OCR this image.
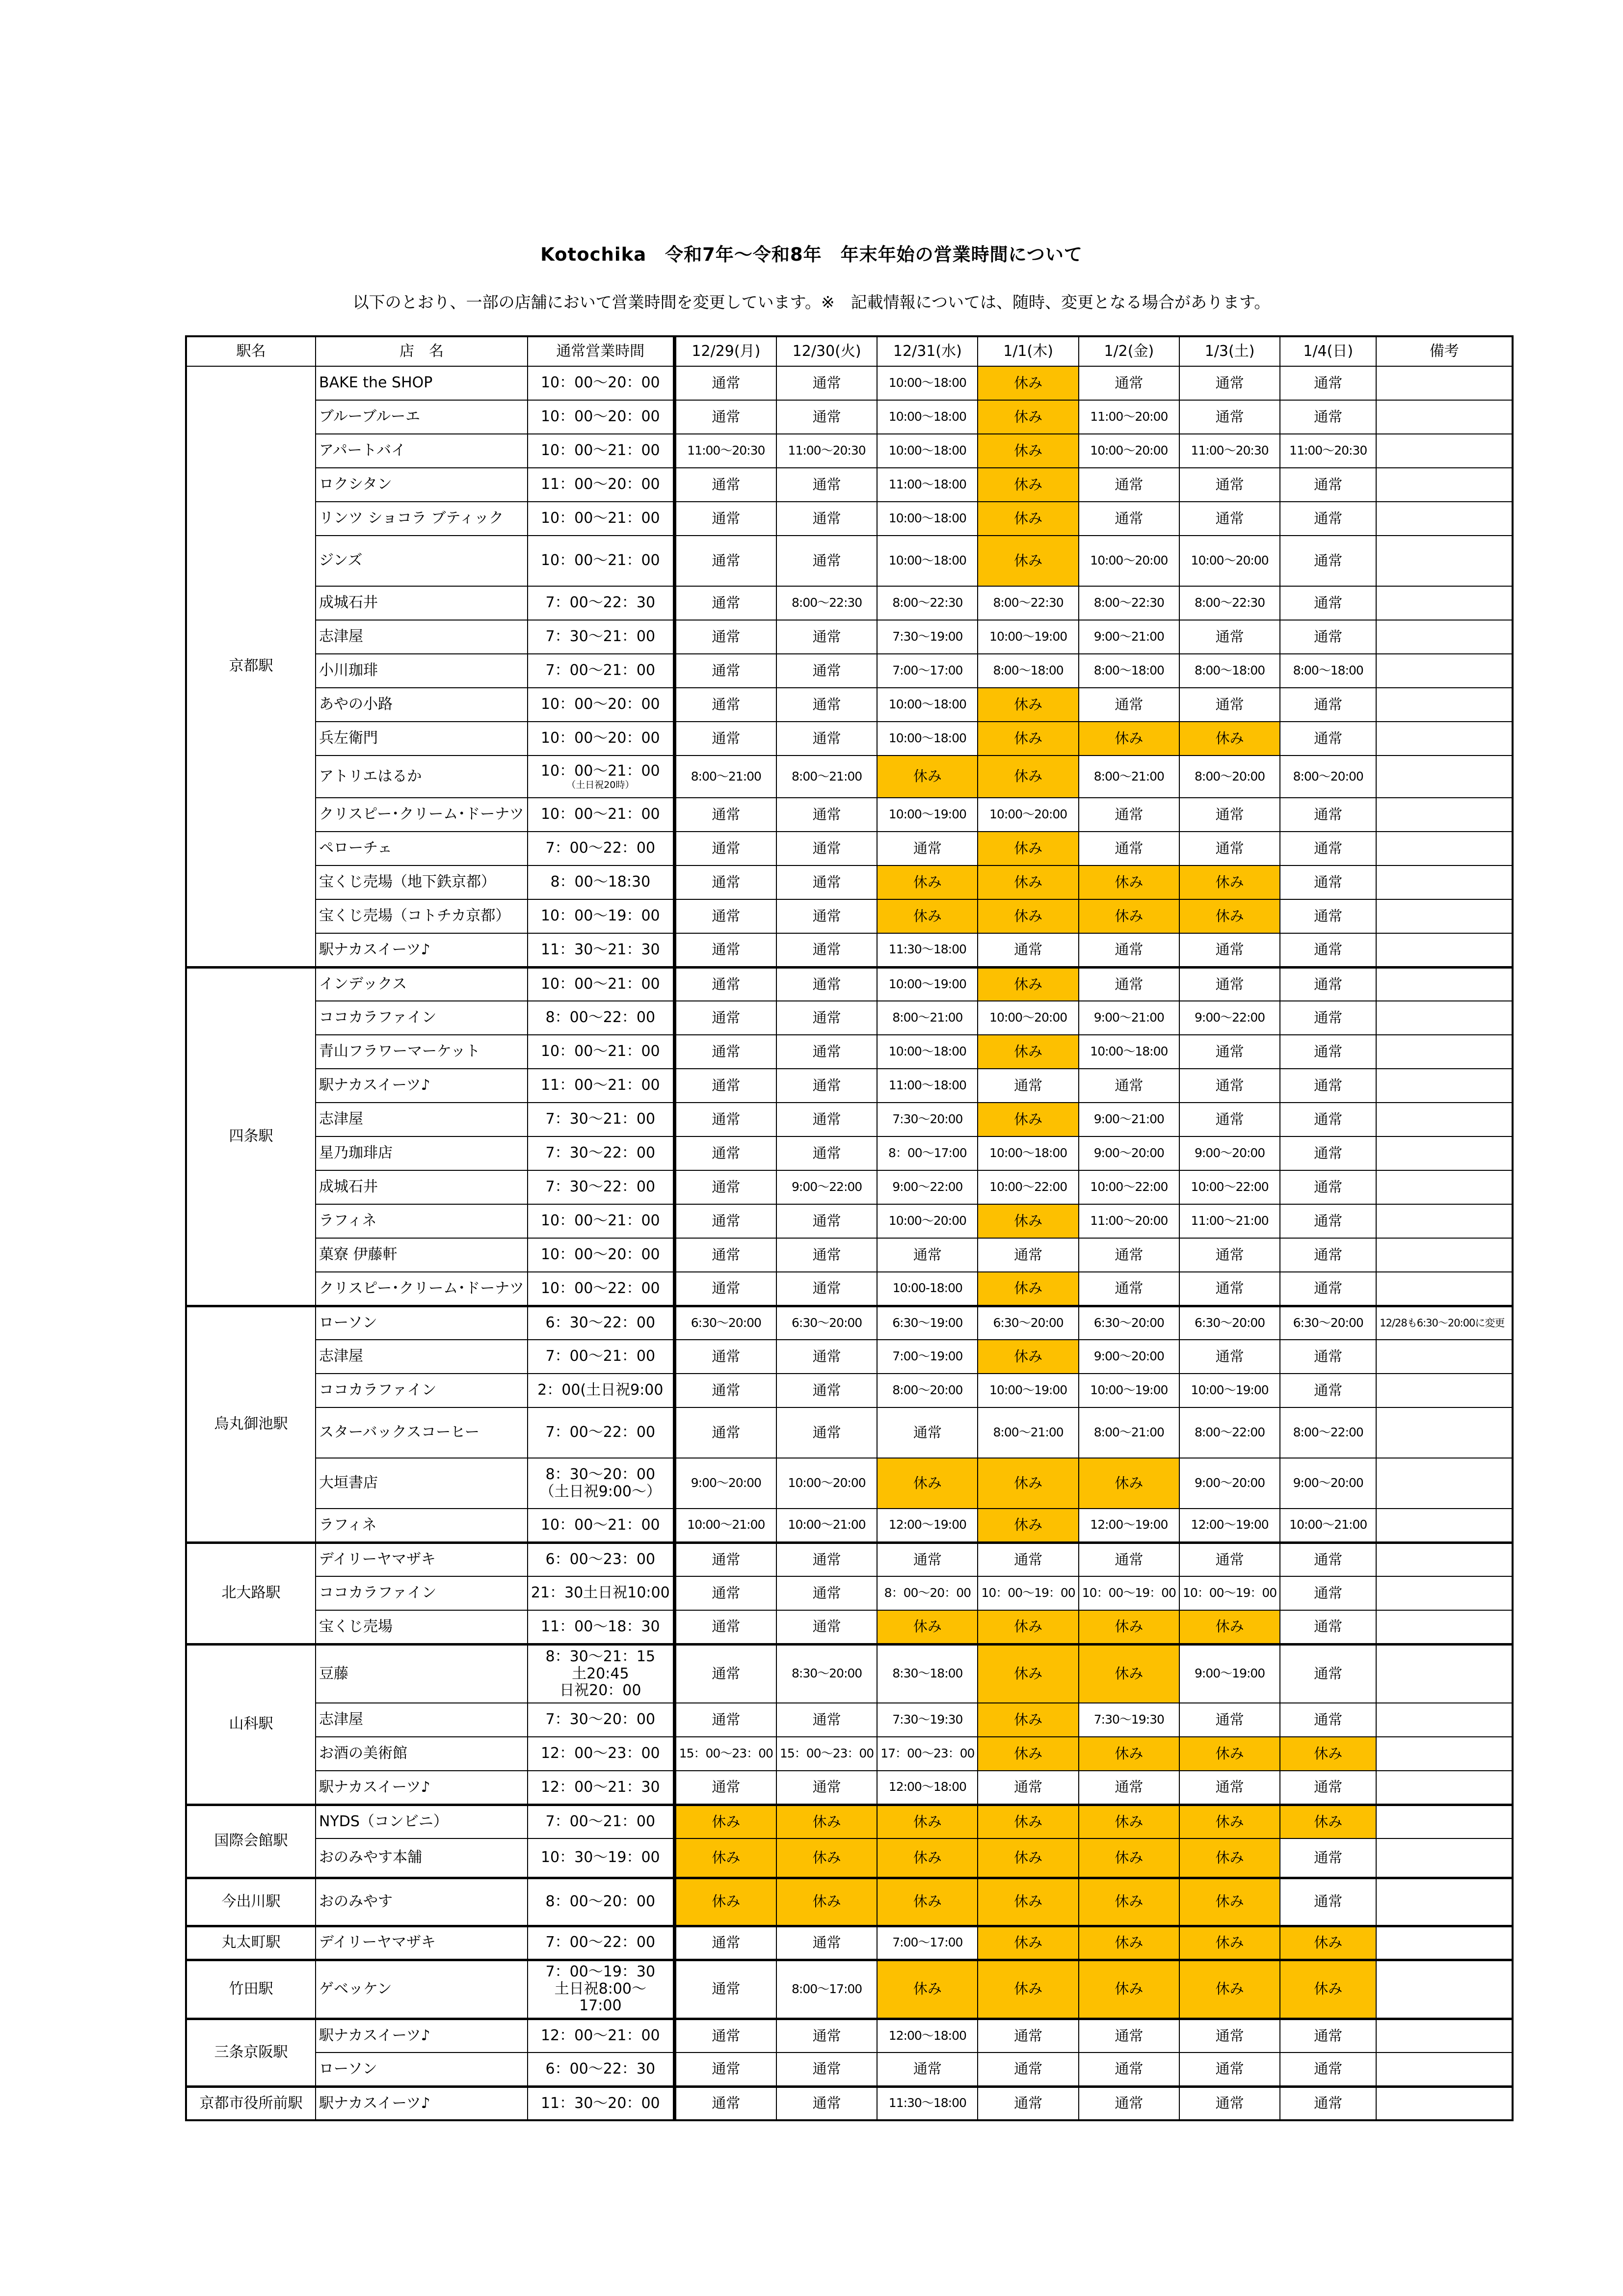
Kotochika　令和7年～令和8年　年末年始の営業時間について
以下のとおり、一部の店舗において営業時間を変更しています。※　記載情報については、随時、変更となる場合があります。
駅名	店　名	通常営業時間	12/29(月)	12/30(火)	12/31(水)	1/1(木)	1/2(金)	1/3(土)	1/4(日)	備考
京都駅	BAKE the SHOP	10：00～20：00	通常	通常	10:00～18:00	休み	通常	通常	通常	
	ブルーブルーエ	10：00～20：00	通常	通常	10:00～18:00	休み	11:00～20:00	通常	通常	
	アパートバイ	10：00～21：00	11:00～20:30	11:00～20:30	10:00～18:00	休み	10:00～20:00	11:00～20:30	11:00～20:30	
	ロクシタン	11：00～20：00	通常	通常	11:00～18:00	休み	通常	通常	通常	
	リンツ ショコラ ブティック	10：00～21：00	通常	通常	10:00～18:00	休み	通常	通常	通常	
	ジンズ	10：00～21：00	通常	通常	10:00～18:00	休み	10:00～20:00	10:00～20:00	通常	
	成城石井	7：00～22：30	通常	8:00～22:30	8:00～22:30	8:00～22:30	8:00～22:30	8:00～22:30	通常	
	志津屋	7：30～21：00	通常	通常	7:30～19:00	10:00～19:00	9:00～21:00	通常	通常	
	小川珈琲	7：00～21：00	通常	通常	7:00～17:00	8:00～18:00	8:00～18:00	8:00～18:00	8:00～18:00	
	あやの小路	10：00～20：00	通常	通常	10:00～18:00	休み	通常	通常	通常	
	兵左衛門	10：00～20：00	通常	通常	10:00～18:00	休み	休み	休み	通常	
	アトリエはるか	10：00～21：00
（土日祝20時）	8:00～21:00	8:00～21:00	休み	休み	8:00～21:00	8:00～20:00	8:00～20:00	
	クリスピー･クリーム･ドーナツ	10：00～21：00	通常	通常	10:00～19:00	10:00～20:00	通常	通常	通常	
	ペローチェ	7：00～22：00	通常	通常	通常	休み	通常	通常	通常	
	宝くじ売場（地下鉄京都）	8：00～18:30	通常	通常	休み	休み	休み	休み	通常	
	宝くじ売場（コトチカ京都）	10：00～19：00	通常	通常	休み	休み	休み	休み	通常	
	駅ナカスイーツ♪	11：30～21：30	通常	通常	11:30～18:00	通常	通常	通常	通常	
四条駅	インデックス	10：00～21：00	通常	通常	10:00～19:00	休み	通常	通常	通常	
	ココカラファイン	8：00～22：00	通常	通常	8:00～21:00	10:00～20:00	9:00～21:00	9:00～22:00	通常	
	青山フラワーマーケット	10：00～21：00	通常	通常	10:00～18:00	休み	10:00～18:00	通常	通常	
	駅ナカスイーツ♪	11：00～21：00	通常	通常	11:00～18:00	通常	通常	通常	通常	
	志津屋	7：30～21：00	通常	通常	7:30～20:00	休み	9:00～21:00	通常	通常	
	星乃珈琲店	7：30～22：00	通常	通常	8：00～17:00	10:00～18:00	9:00～20:00	9:00～20:00	通常	
	成城石井	7：30～22：00	通常	9:00～22:00	9:00～22:00	10:00～22:00	10:00～22:00	10:00～22:00	通常	
	ラフィネ	10：00～21：00	通常	通常	10:00～20:00	休み	11:00～20:00	11:00～21:00	通常	
	菓寮 伊藤軒	10：00～20：00	通常	通常	通常	通常	通常	通常	通常	
	クリスピー･クリーム･ドーナツ	10：00～22：00	通常	通常	10:00-18:00	休み	通常	通常	通常	
烏丸御池駅	ローソン	6：30～22：00	6:30～20:00	6:30～20:00	6:30～19:00	6:30～20:00	6:30～20:00	6:30～20:00	6:30～20:00	12/28も6:30～20:00に変更
	志津屋	7：00～21：00	通常	通常	7:00～19:00	休み	9:00～20:00	通常	通常	
	ココカラファイン	2：00(土日祝9:00	通常	通常	8:00～20:00	10:00～19:00	10:00～19:00	10:00～19:00	通常	
	スターバックスコーヒー	7：00～22：00	通常	通常	通常	8:00～21:00	8:00～21:00	8:00～22:00	8:00～22:00	
	大垣書店	8：30～20：00
（土日祝9:00～）	9:00～20:00	10:00～20:00	休み	休み	休み	9:00～20:00	9:00～20:00	
	ラフィネ	10：00～21：00	10:00～21:00	10:00～21:00	12:00～19:00	休み	12:00～19:00	12:00～19:00	10:00～21:00	
北大路駅	デイリーヤマザキ	6：00～23：00	通常	通常	通常	通常	通常	通常	通常	
	ココカラファイン	21：30土日祝10:00	通常	通常	8：00～20：00	10：00～19：00	10：00～19：00	10：00～19：00	通常	
	宝くじ売場	11：00～18：30	通常	通常	休み	休み	休み	休み	通常	
山科駅	豆藤	8：30～21：15
土20:45
日祝20：00	通常	8:30～20:00	8:30～18:00	休み	休み	9:00～19:00	通常	
	志津屋	7：30～20：00	通常	通常	7:30～19:30	休み	7:30～19:30	通常	通常	
	お酒の美術館	12：00～23：00	15：00～23：00	15：00～23：00	17：00～23：00	休み	休み	休み	休み	
	駅ナカスイーツ♪	12：00～21：30	通常	通常	12:00～18:00	通常	通常	通常	通常	
国際会館駅	NYDS（コンビニ）	7：00～21：00	休み	休み	休み	休み	休み	休み	休み	
	おのみやす本舗	10：30～19：00	休み	休み	休み	休み	休み	休み	通常	
今出川駅	おのみやす	8：00～20：00	休み	休み	休み	休み	休み	休み	通常	
丸太町駅	デイリーヤマザキ	7：00～22：00	通常	通常	7:00～17:00	休み	休み	休み	休み	
竹田駅	ゲベッケン	7：00～19：30
土日祝8:00～
17:00	通常	8:00～17:00	休み	休み	休み	休み	休み	
三条京阪駅	駅ナカスイーツ♪	12：00～21：00	通常	通常	12:00～18:00	通常	通常	通常	通常	
	ローソン	6：00～22：30	通常	通常	通常	通常	通常	通常	通常	
京都市役所前駅	駅ナカスイーツ♪	11：30～20：00	通常	通常	11:30～18:00	通常	通常	通常	通常	
